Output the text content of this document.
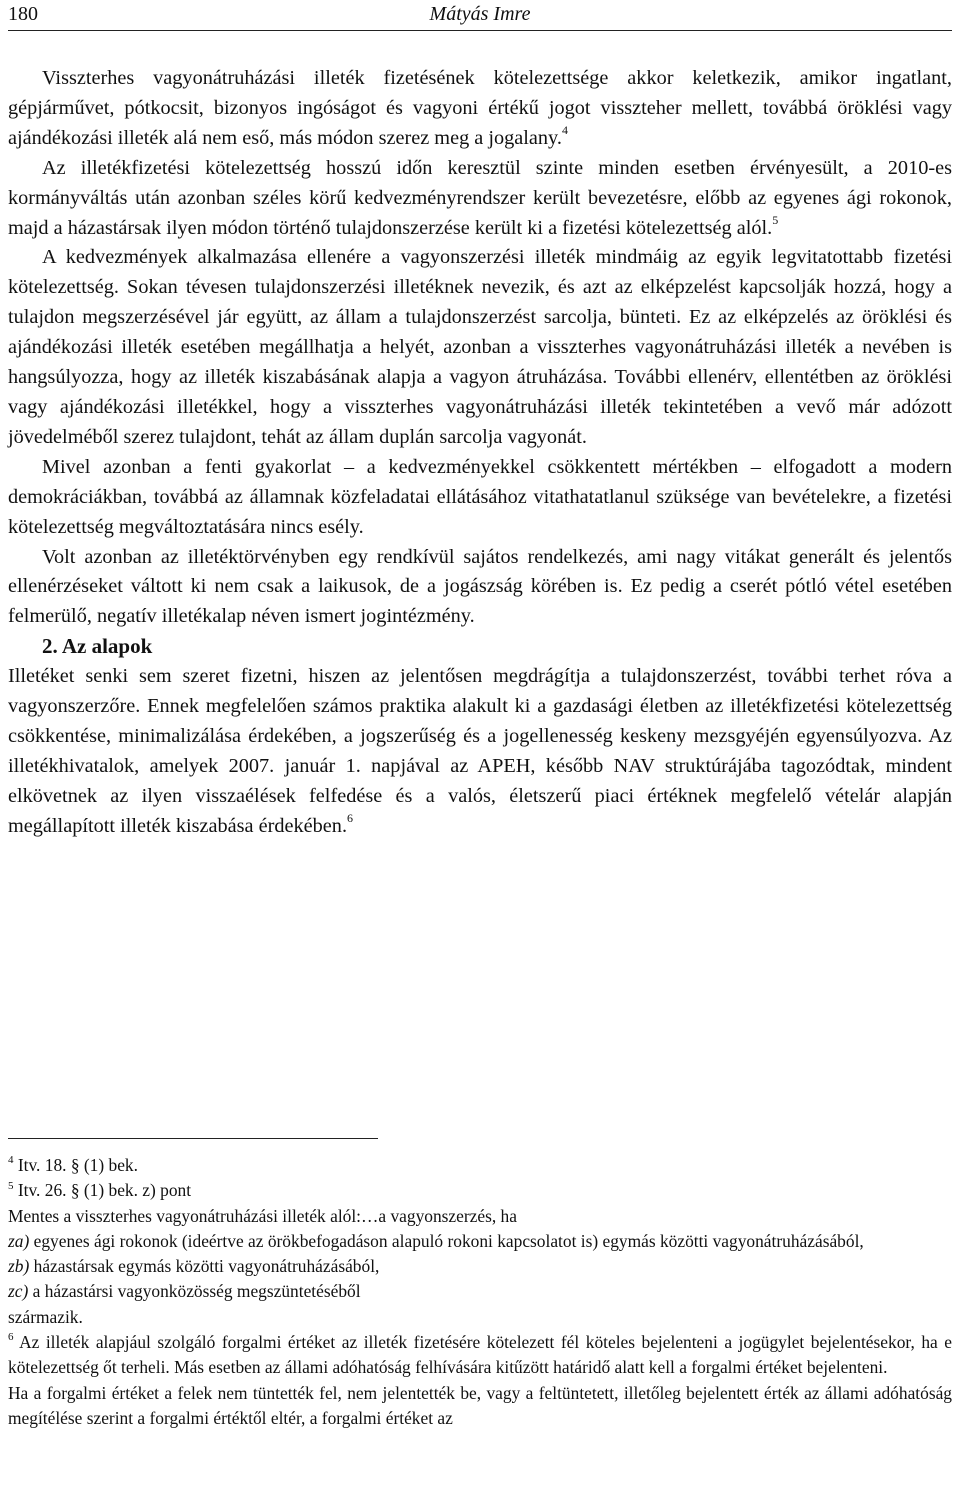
180	Mátyás Imre

Visszterhes vagyonátruházási illeték fizetésének kötelezettsége akkor keletkezik, amikor ingatlant, gépjárművet, pótkocsit, bizonyos ingóságot és vagyoni értékű jogot visszteher mellett, továbbá öröklési vagy ajándékozási illeték alá nem eső, más módon szerez meg a jogalany.$^4$

Az illetékfizetési kötelezettség hosszú időn keresztül szinte minden esetben érvényesült, a 2010-es kormányváltás után azonban széles körű kedvezményrendszer került bevezetésre, előbb az egyenes ági rokonok, majd a házastársak ilyen módon történő tulajdonszerzése került ki a fizetési kötelezettség alól.$^5$

A kedvezmények alkalmazása ellenére a vagyonszerzési illeték mindmáig az egyik legvitatottabb fizetési kötelezettség. Sokan tévesen tulajdonszerzési illetéknek nevezik, és azt az elképzelést kapcsolják hozzá, hogy a tulajdon megszerzésével jár együtt, az állam a tulajdonszerzést sarcolja, bünteti. Ez az elképzelés az öröklési és ajándékozási illeték esetében megállhatja a helyét, azonban a visszterhes vagyonátruházási illeték a nevében is hangsúlyozza, hogy az illeték kiszabásának alapja a vagyon átruházása. További ellenérv, ellentétben az öröklési vagy ajándékozási illetékkel, hogy a visszterhes vagyonátruházási illeték tekintetében a vevő már adózott jövedelméből szerez tulajdont, tehát az állam duplán sarcolja vagyonát.

Mivel azonban a fenti gyakorlat – a kedvezményekkel csökkentett mértékben – elfogadott a modern demokráciákban, továbbá az államnak közfeladatai ellátásához vitathatatlanul szüksége van bevételekre, a fizetési kötelezettség megváltoztatására nincs esély.

Volt azonban az illetéktörvényben egy rendkívül sajátos rendelkezés, ami nagy vitákat generált és jelentős ellenérzéseket váltott ki nem csak a laikusok, de a jogászság körében is. Ez pedig a cserét pótló vétel esetében felmerülő, negatív illetékalap néven ismert jogintézmény.

2. Az alapok

Illetéket senki sem szeret fizetni, hiszen az jelentősen megdrágítja a tulajdonszerzést, további terhet róva a vagyonszerzőre. Ennek megfelelően számos praktika alakult ki a gazdasági életben az illetékfizetési kötelezettség csökkentése, minimalizálása érdekében, a jogszerűség és a jogellenesség keskeny mezsgyéjén egyensúlyozva. Az illetékhivatalok, amelyek 2007. január 1. napjával az APEH, később NAV struktúrájába tagozódtak, mindent elkövetnek az ilyen visszaélések felfedése és a valós, életszerű piaci értéknek megfelelő vételár alapján megállapított illeték kiszabása érdekében.$^6$

$^4$ Itv. 18. § (1) bek.

$^5$ Itv. 26. § (1) bek. z) pont

Mentes a visszterhes vagyonátruházási illeték alól:…a vagyonszerzés, ha

za) egyenes ági rokonok (ideértve az örökbefogadáson alapuló rokoni kapcsolatot is) egymás közötti vagyonátruházásából,

zb) házastársak egymás közötti vagyonátruházásából,

zc) a házastársi vagyonközösség megszüntetéséből

származik.

$^6$ Az illeték alapjául szolgáló forgalmi értéket az illeték fizetésére kötelezett fél köteles bejelenteni a jogügylet bejelentésekor, ha e kötelezettség őt terheli. Más esetben az állami adóhatóság felhívására kitűzött határidő alatt kell a forgalmi értéket bejelenteni.

Ha a forgalmi értéket a felek nem tüntették fel, nem jelentették be, vagy a feltüntetett, illetőleg bejelentett érték az állami adóhatóság megítélése szerint a forgalmi értéktől eltér, a forgalmi értéket az
